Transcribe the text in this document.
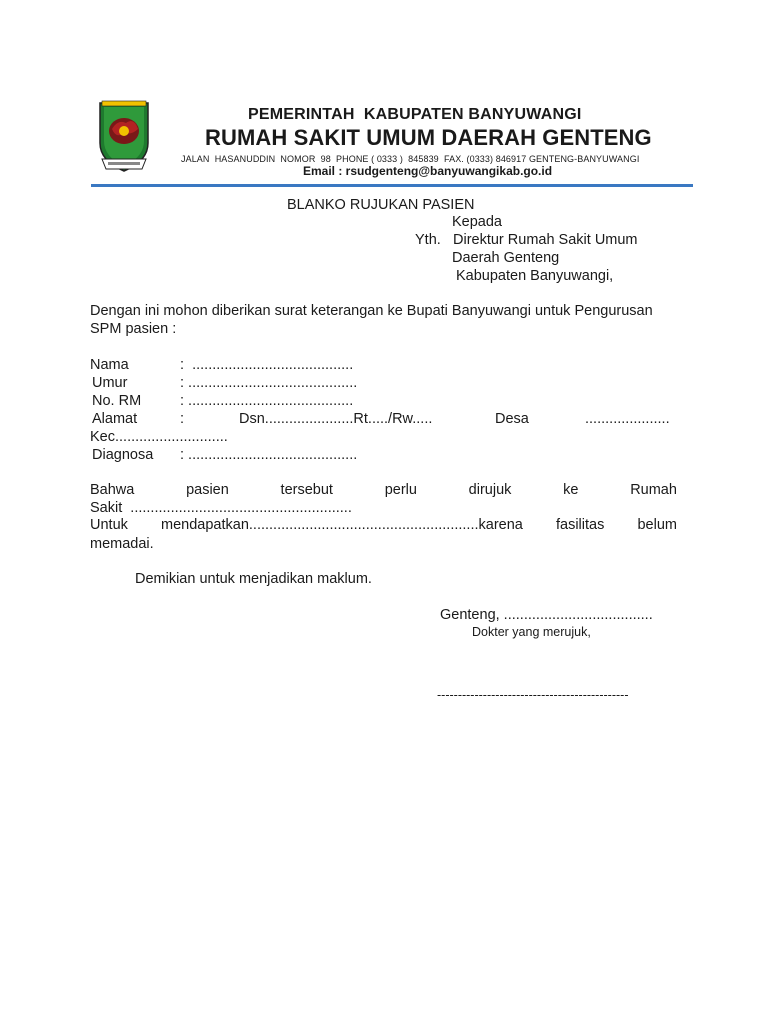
PEMERINTAH  KABUPATEN BANYUWANGI
RUMAH SAKIT UMUM DAERAH GENTENG
JALAN  HASANUDDIN  NOMOR  98  PHONE ( 0333 )  845839  FAX. (0333) 846917 GENTENG-BANYUWANGI
Email : rsudgenteng@banyuwangikab.go.id
BLANKO RUJUKAN PASIEN
Kepada
Yth. Direktur Rumah Sakit Umum
Daerah Genteng
Kabupaten Banyuwangi,
Dengan ini mohon diberikan surat keterangan ke Bupati Banyuwangi untuk Pengurusan
SPM pasien :
Nama	:  ........................................
Umur	: ..........................................
No. RM	: .........................................
Alamat	:	Dsn......................Rt...../Rw.....	Desa	.....................
Kec............................
Diagnosa : ..........................................
Bahwa	pasien	tersebut	perlu	dirujuk	ke	Rumah
Sakit  .......................................................
Untuk mendapatkan.........................................................karena fasilitas belum
memadai.
Demikian untuk menjadikan maklum.
Genteng, .....................................
Dokter yang merujuk,
----------------------------------------------
